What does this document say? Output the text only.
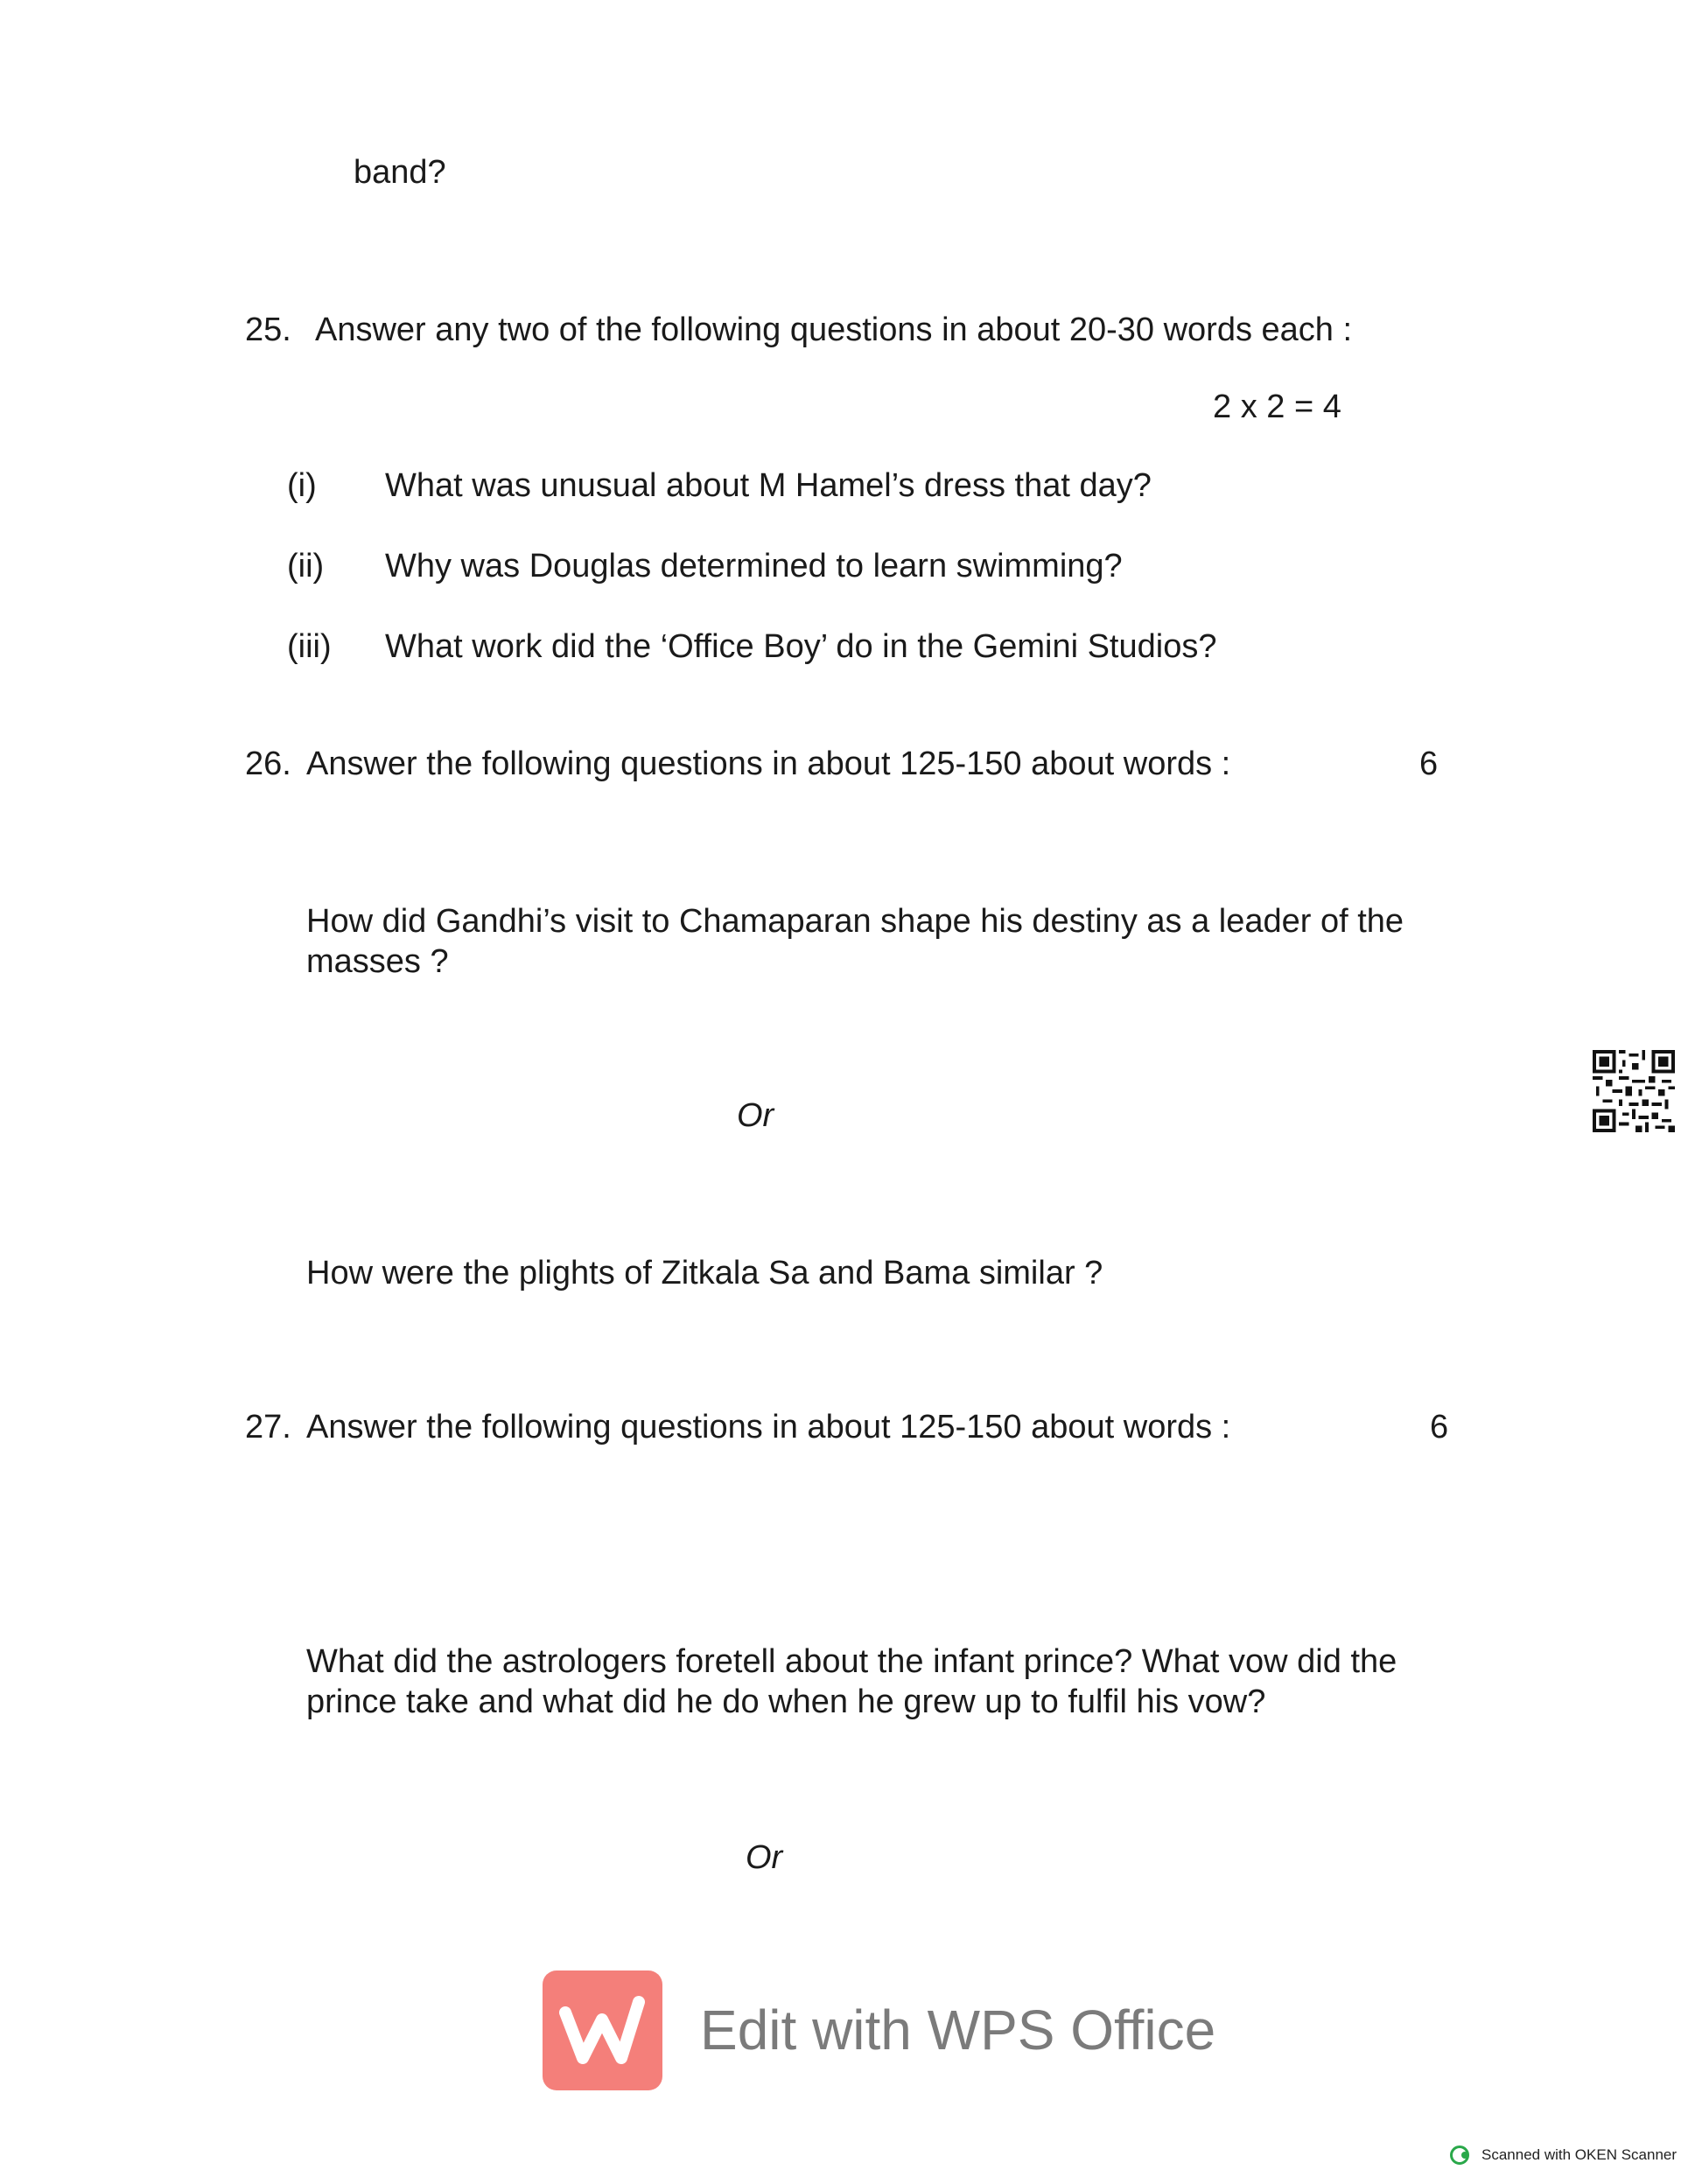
band?
25. Answer any two of the following questions in about 20-30 words each :
2 x 2 = 4
(i) What was unusual about M Hamel’s dress that day?
(ii) Why was Douglas determined to learn swimming?
(iii) What work did the ‘Office Boy’ do in the Gemini Studios?
26. Answer the following questions in about 125-150 about words :	6
How did Gandhi’s visit to Chamaparan shape his destiny as a leader of the masses ?
Or
How were the plights of Zitkala Sa and Bama similar ?
27. Answer the following questions in about 125-150 about words :	6
What did the astrologers foretell about the infant prince? What vow did the prince take and what did he do when he grew up to fulfil his vow?
Or
Edit with WPS Office
Scanned with OKEN Scanner
